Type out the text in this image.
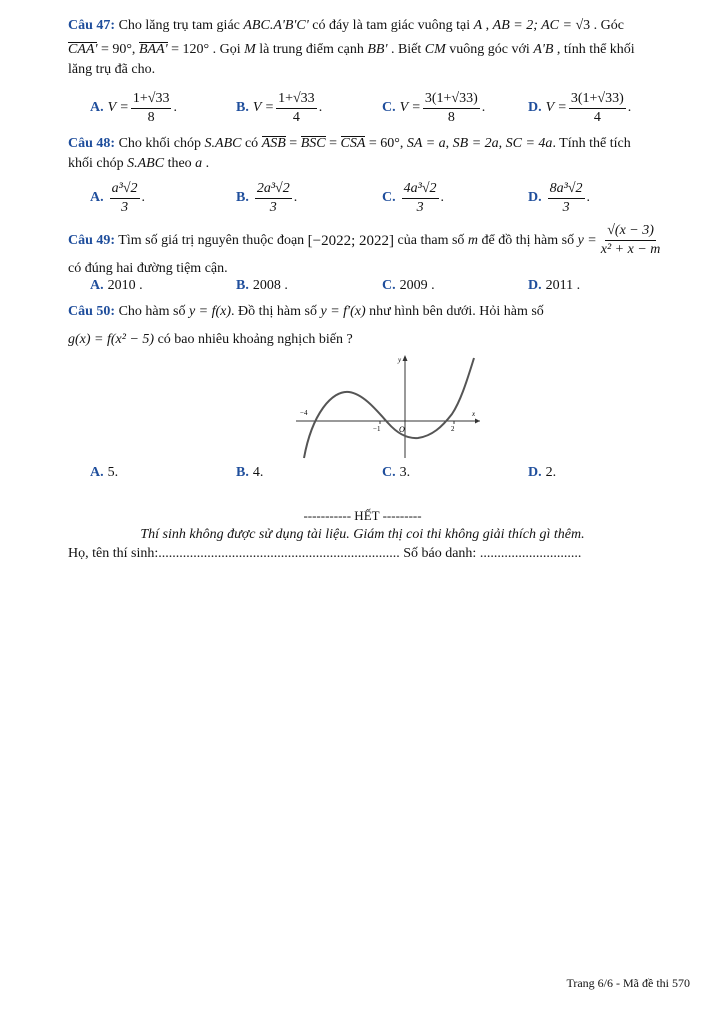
Câu 47: Cho lăng trụ tam giác ABC.A'B'C' có đáy là tam giác vuông tại A , AB = 2; AC = √3 . Góc
CAA' = 90°, BAA' = 120° . Gọi M là trung điểm cạnh BB' . Biết CM vuông góc với A'B , tính thể khối
lăng trụ đã cho.
A. $V = \frac{1+√33}{8}$ .	B. $V = \frac{1+√33}{4}$ .	C. $V = \frac{3(1+√33)}{8}$ .	D. $V = \frac{3(1+√33)}{4}$ .
Câu 48: Cho khối chóp S.ABC có ASB = BSC = CSA = 60°, SA = a, SB = 2a, SC = 4a. Tính thể tích
khối chóp S.ABC theo a .
A. $\frac{\text{a³√2}}{3}$ .	B. $\frac{\text{2a³√2}}{3}$ .	C. $\frac{\text{4a³√2}}{3}$ .	D. $\frac{\text{8a³√2}}{3}$ .
Câu 49: Tìm số giá trị nguyên thuộc đoạn [−2022; 2022] của tham số m để đồ thị hàm số $y = \frac{√(x - 3)}{\text{x² + x − m}}$
có đúng hai đường tiệm cận.
A. 2010 .	B. 2008 .	C. 2009 .	D. 2011 .
Câu 50: Cho hàm số y = f(x). Đồ thị hàm số y = f′(x) như hình bên dưới. Hỏi hàm số
g(x) = f(x² − 5) có bao nhiêu khoảng nghịch biến ?
y
x
O
−4
−1	2
A. 5.	B. 4.	C. 3.	D. 2.
----------- HẾT ---------
Thí sinh không được sử dụng tài liệu. Giám thị coi thi không giải thích gì thêm.
Họ, tên thí sinh:..................................................................... Số báo danh: .............................
Trang 6/6 - Mã đề thi 570
